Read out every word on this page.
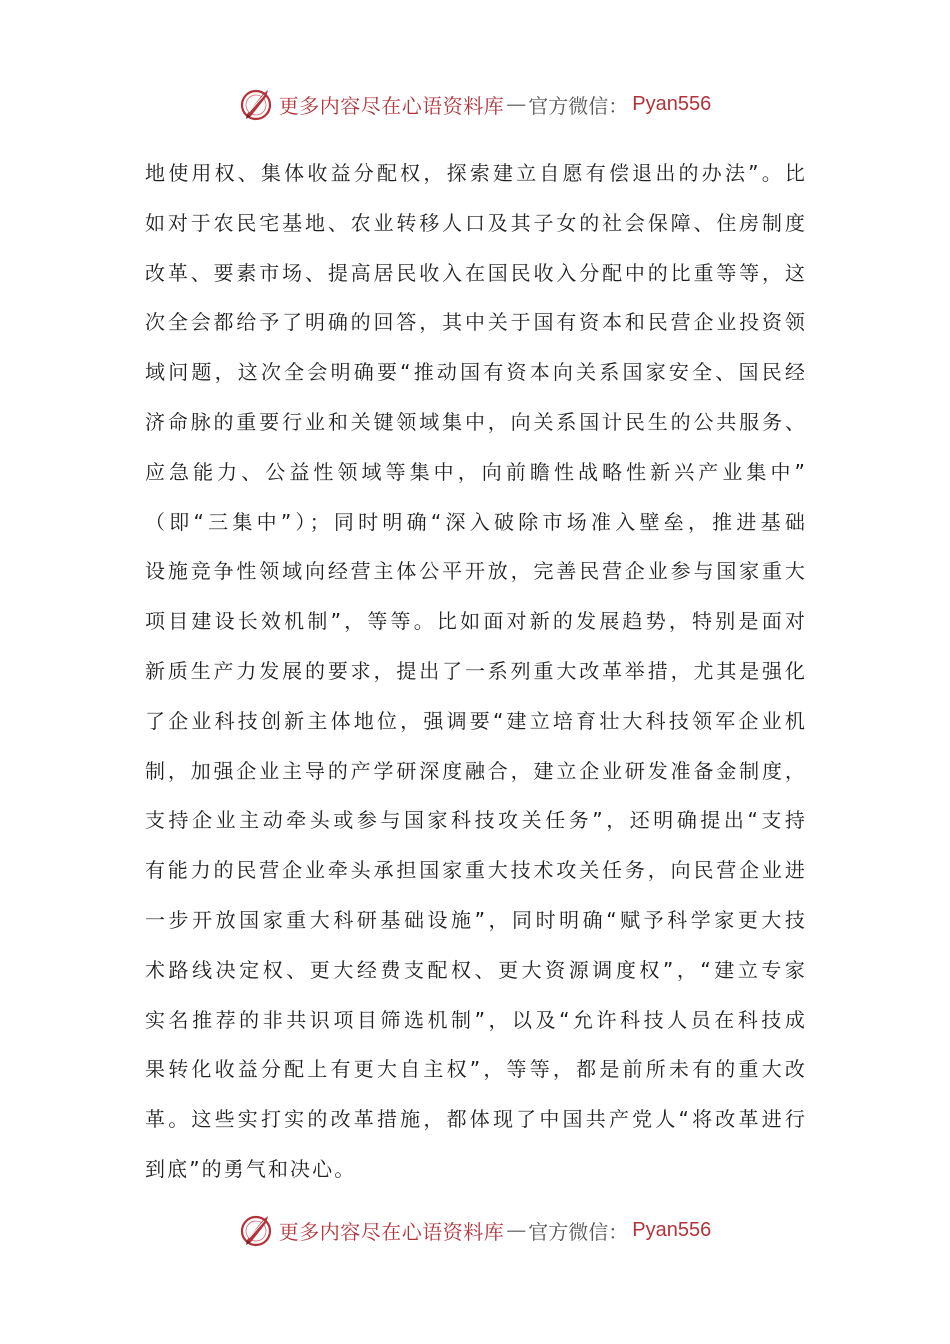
更多内容尽在心语资料库 — 官方微信： Pyan556
地使用权、集体收益分配权，探索建立自愿有偿退出的办法”。比
如对于农民宅基地、农业转移人口及其子女的社会保障、住房制度
改革、要素市场、提高居民收入在国民收入分配中的比重等等，这
次全会都给予了明确的回答，其中关于国有资本和民营企业投资领
域问题，这次全会明确要“推动国有资本向关系国家安全、国民经
济命脉的重要行业和关键领域集中，向关系国计民生的公共服务、
应急能力、公益性领域等集中，向前瞻性战略性新兴产业集中”
（即“三集中”）；同时明确“深入破除市场准入壁垒，推进基础
设施竞争性领域向经营主体公平开放，完善民营企业参与国家重大
项目建设长效机制”，等等。比如面对新的发展趋势，特别是面对
新质生产力发展的要求，提出了一系列重大改革举措，尤其是强化
了企业科技创新主体地位，强调要“建立培育壮大科技领军企业机
制，加强企业主导的产学研深度融合，建立企业研发准备金制度，
支持企业主动牵头或参与国家科技攻关任务”，还明确提出“支持
有能力的民营企业牵头承担国家重大技术攻关任务，向民营企业进
一步开放国家重大科研基础设施”，同时明确“赋予科学家更大技
术路线决定权、更大经费支配权、更大资源调度权”，“建立专家
实名推荐的非共识项目筛选机制”，以及“允许科技人员在科技成
果转化收益分配上有更大自主权”，等等，都是前所未有的重大改
革。这些实打实的改革措施，都体现了中国共产党人“将改革进行
到底”的勇气和决心。
更多内容尽在心语资料库 — 官方微信： Pyan556
